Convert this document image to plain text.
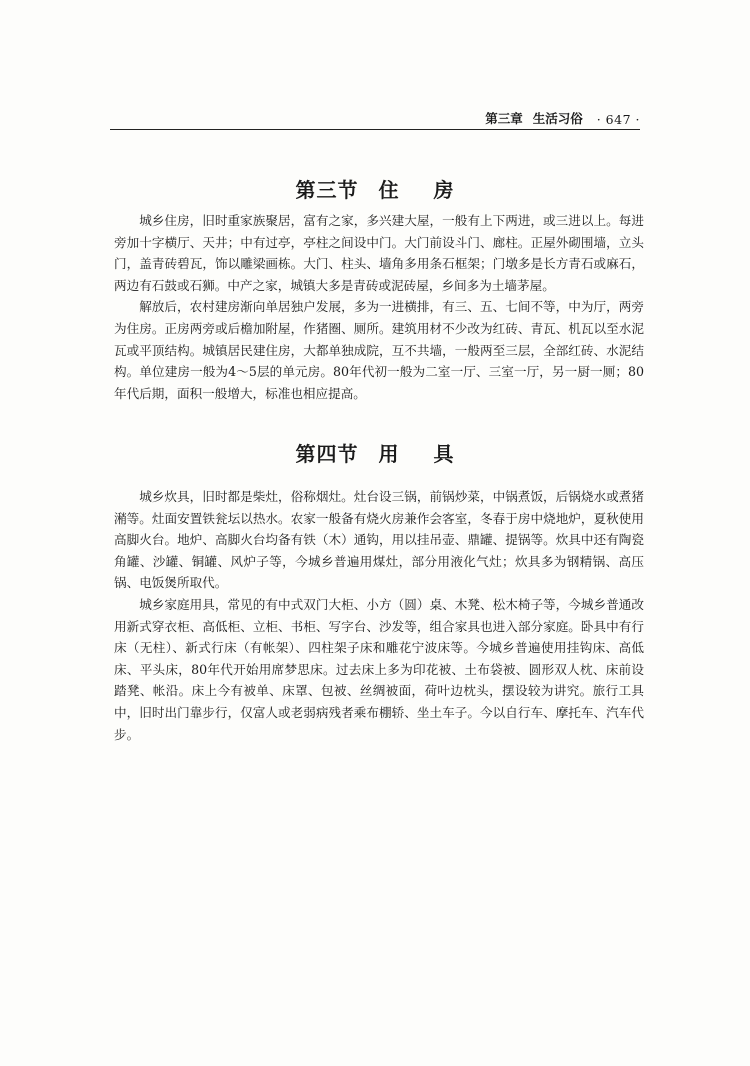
第三章 生活习俗 · 647 ·
第三节 住 房

城乡住房，旧时重家族聚居，富有之家，多兴建大屋，一般有上下两进，或三进以上。每进旁加十字横厅、天井；中有过亭，亭柱之间设中门。大门前设斗门、廊柱。正屋外砌围墙，立头门，盖青砖碧瓦，饰以雕梁画栋。大门、柱头、墙角多用条石框架；门墩多是长方青石或麻石，两边有石鼓或石狮。中产之家，城镇大多是青砖或泥砖屋，乡间多为土墙茅屋。

解放后，农村建房渐向单居独户发展，多为一进横排，有三、五、七间不等，中为厅，两旁为住房。正房两旁或后檐加附屋，作猪圈、厕所。建筑用材不少改为红砖、青瓦、机瓦以至水泥瓦或平顶结构。城镇居民建住房，大都单独成院，互不共墙，一般两至三层，全部红砖、水泥结构。单位建房一般为4～5层的单元房。80年代初一般为二室一厅、三室一厅，另一厨一厕；80年代后期，面积一般增大，标准也相应提高。

第四节 用 具

城乡炊具，旧时都是柴灶，俗称烟灶。灶台设三锅，前锅炒菜，中锅煮饭，后锅烧水或煮猪潲等。灶面安置铁瓮坛以热水。农家一般备有烧火房兼作会客室，冬春于房中烧地炉，夏秋使用高脚火台。地炉、高脚火台均备有铁（木）通钩，用以挂吊壶、鼎罐、提锅等。炊具中还有陶瓷角罐、沙罐、铜罐、风炉子等，今城乡普遍用煤灶，部分用液化气灶；炊具多为钢精锅、高压锅、电饭煲所取代。

城乡家庭用具，常见的有中式双门大柜、小方（圆）桌、木凳、松木椅子等，今城乡普通改用新式穿衣柜、高低柜、立柜、书柜、写字台、沙发等，组合家具也进入部分家庭。卧具中有行床（无柱）、新式行床（有帐架）、四柱架子床和雕花宁波床等。今城乡普遍使用挂钩床、高低床、平头床，80年代开始用席梦思床。过去床上多为印花被、土布袋被、圆形双人枕、床前设踏凳、帐沿。床上今有被单、床罩、包被、丝绸被面，荷叶边枕头，摆设较为讲究。旅行工具中，旧时出门靠步行，仅富人或老弱病残者乘布棚轿、坐土车子。今以自行车、摩托车、汽车代步。
